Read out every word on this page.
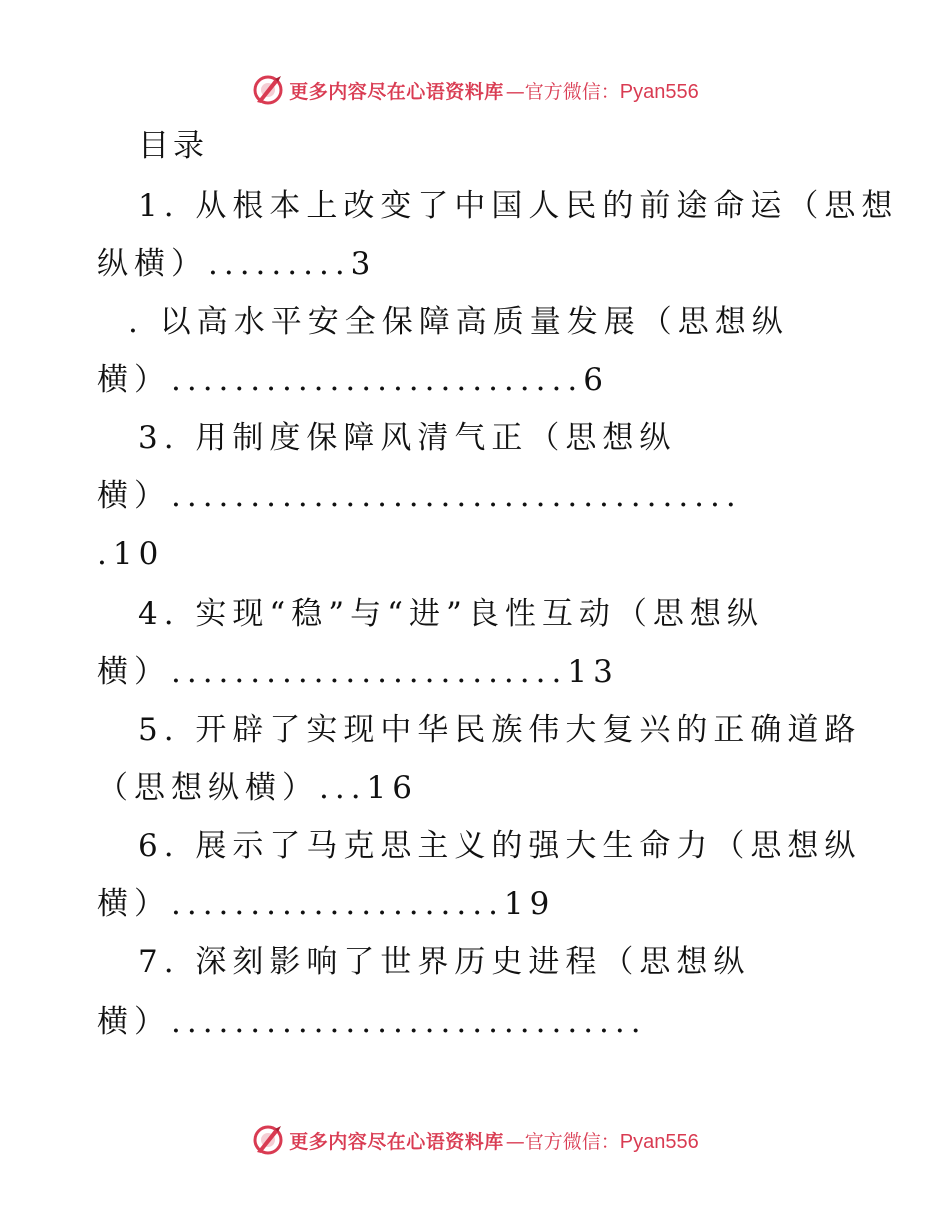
更多内容尽在心语资料库 —官方微信： Pyan556

目录

1. 从根本上改变了中国人民的前途命运（思想

纵横）.........3

. 以高水平安全保障高质量发展（思想纵

横）..........................6

3. 用制度保障风清气正（思想纵

横）....................................

.10

4. 实现“稳”与“进”良性互动（思想纵

横）.........................13

5. 开辟了实现中华民族伟大复兴的正确道路

（思想纵横）...16

6. 展示了马克思主义的强大生命力（思想纵

横）.....................19

7. 深刻影响了世界历史进程（思想纵

横）..............................

更多内容尽在心语资料库 —官方微信： Pyan556
